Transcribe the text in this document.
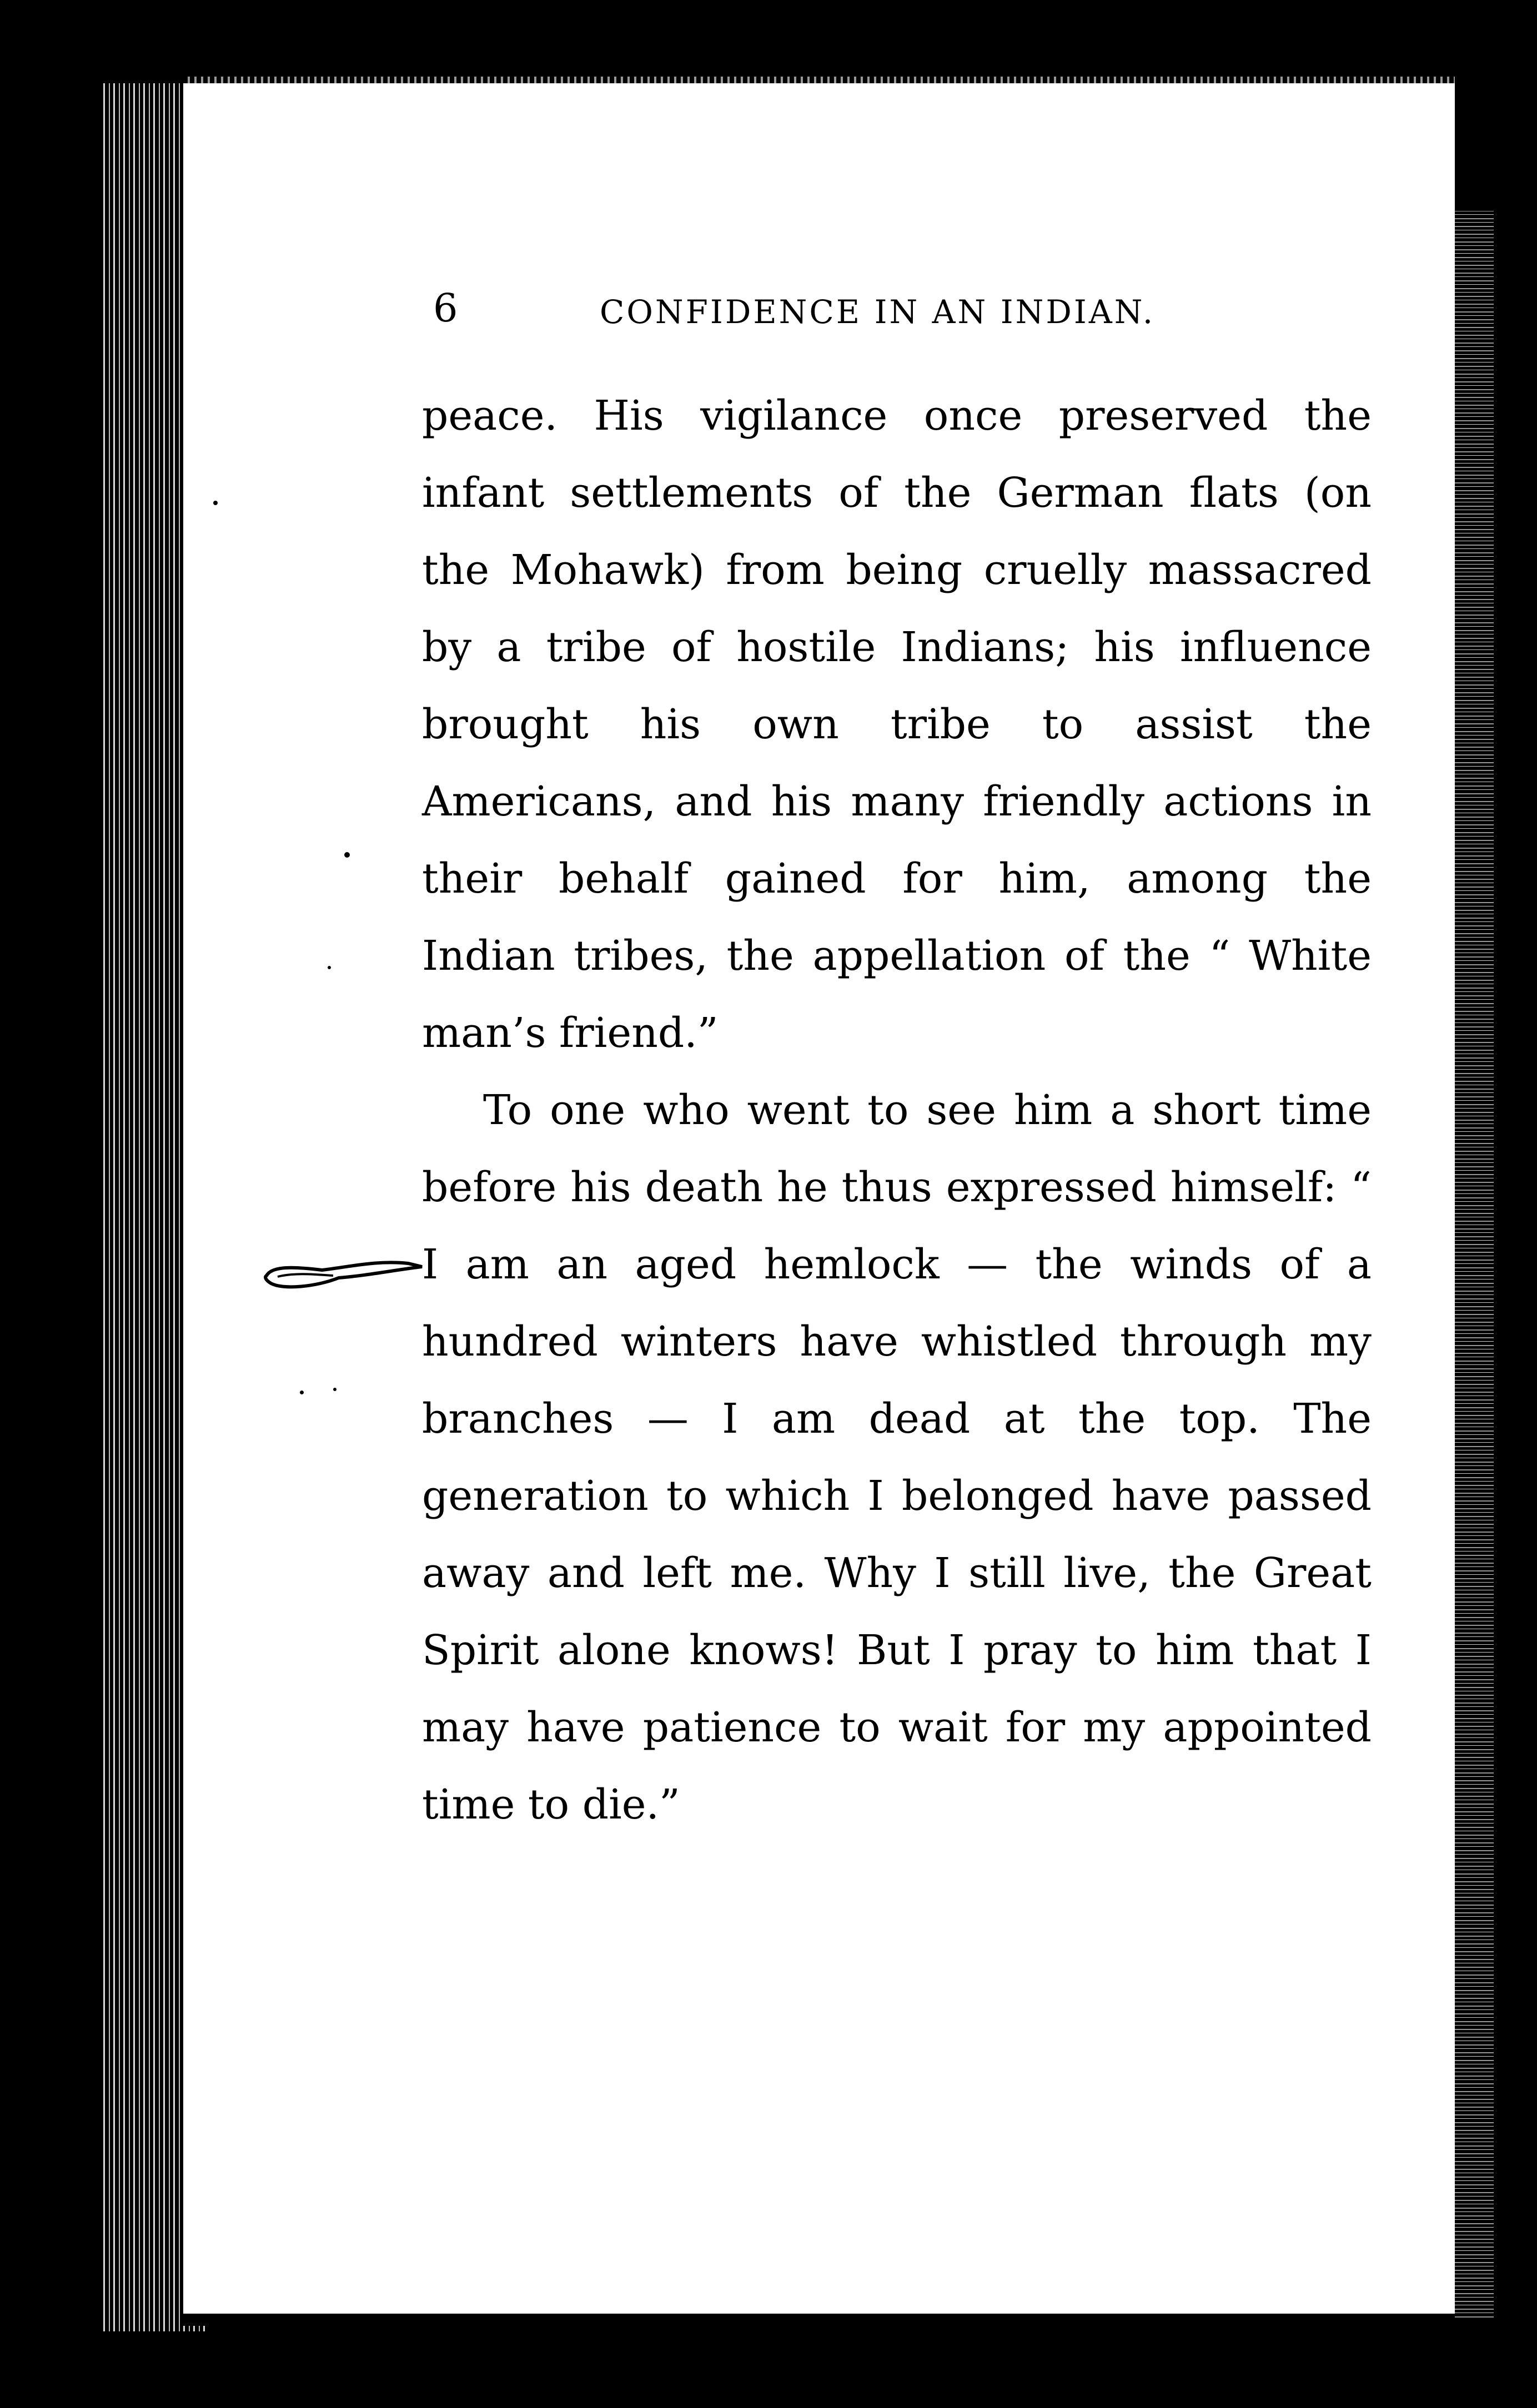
6	CONFIDENCE IN AN INDIAN.

peace. His vigilance once preserved the infant settlements of the German flats (on the Mohawk) from being cruelly massacred by a tribe of hostile Indians; his influence brought his own tribe to assist the Americans, and his many friendly actions in their behalf gained for him, among the Indian tribes, the appellation of the “ White man’s friend.”

To one who went to see him a short time before his death he thus expressed himself: “ I am an aged hemlock — the winds of a hundred winters have whistled through my branches — I am dead at the top. The generation to which I belonged have passed away and left me. Why I still live, the Great Spirit alone knows! But I pray to him that I may have patience to wait for my appointed time to die.”
